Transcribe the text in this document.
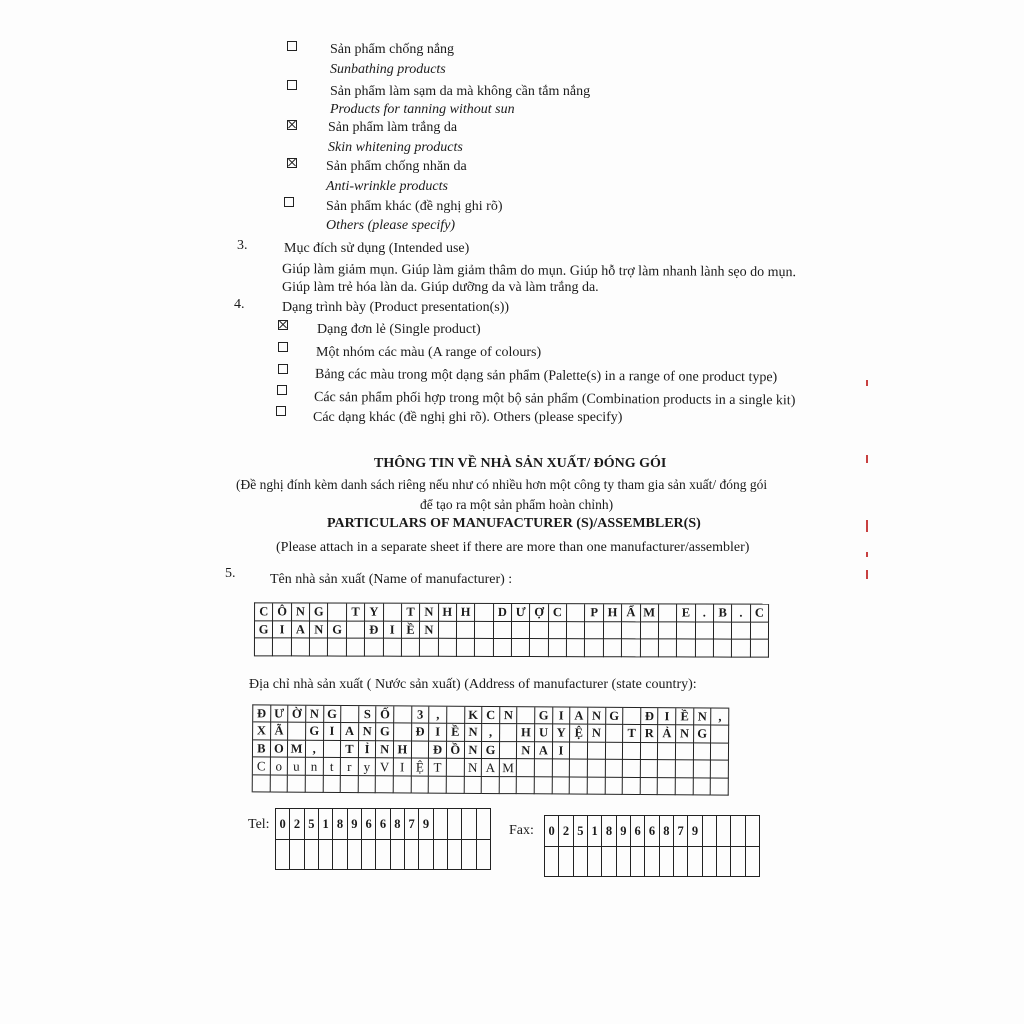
Sản phẩm chống nắng
Sunbathing products
Sản phẩm làm sạm da mà không cần tắm nắng
Products for tanning without sun
Sản phẩm làm trắng da
Skin whitening products
Sản phẩm chống nhăn da
Anti-wrinkle products
Sản phẩm khác (đề nghị ghi rõ)
Others (please specify)
3.	Mục đích sử dụng (Intended use)
Giúp làm giảm mụn. Giúp làm giảm thâm do mụn. Giúp hỗ trợ làm nhanh lành sẹo do mụn.
Giúp làm trẻ hóa làn da. Giúp dưỡng da và làm trắng da.
4.	Dạng trình bày (Product presentation(s))
Dạng đơn lẻ (Single product)
Một nhóm các màu (A range of colours)
Bảng các màu trong một dạng sản phẩm (Palette(s) in a range of one product type)
Các sản phẩm phối hợp trong một bộ sản phẩm (Combination products in a single kit)
Các dạng khác (đề nghị ghi rõ). Others (please specify)
THÔNG TIN VỀ NHÀ SẢN XUẤT/ ĐÓNG GÓI
(Đề nghị đính kèm danh sách riêng nếu như có nhiều hơn một công ty tham gia sản xuất/ đóng gói
để tạo ra một sản phẩm hoàn chỉnh)
PARTICULARS OF MANUFACTURER (S)/ASSEMBLER(S)
(Please attach in a separate sheet if there are more than one manufacturer/assembler)
5. Tên nhà sản xuất (Name of manufacturer) :
C Ô N G	T Y	T N H H	D Ư Ợ C	P H Ẩ M	E	.	B	. C
G I A N G	Đ I Ề N
Địa chỉ nhà sản xuất ( Nước sản xuất) (Address of manufacturer (state country):
Đ Ư Ờ N G	S Ố	3	,	K C N	G I A N G	Đ I Ề N ,
X Ã	G I A N G	Đ I Ề N ,	H U Y Ệ N	T R Ả N G
B O M ,	T Ỉ N H	Đ Ồ N G	N A I
C o u n t	r y V I Ệ T	N A M
Tel: 0 2 5 1 8 9 6 6 8 7 9	Fax: 0 2 5 1 8 9 6 6 8 7 9
